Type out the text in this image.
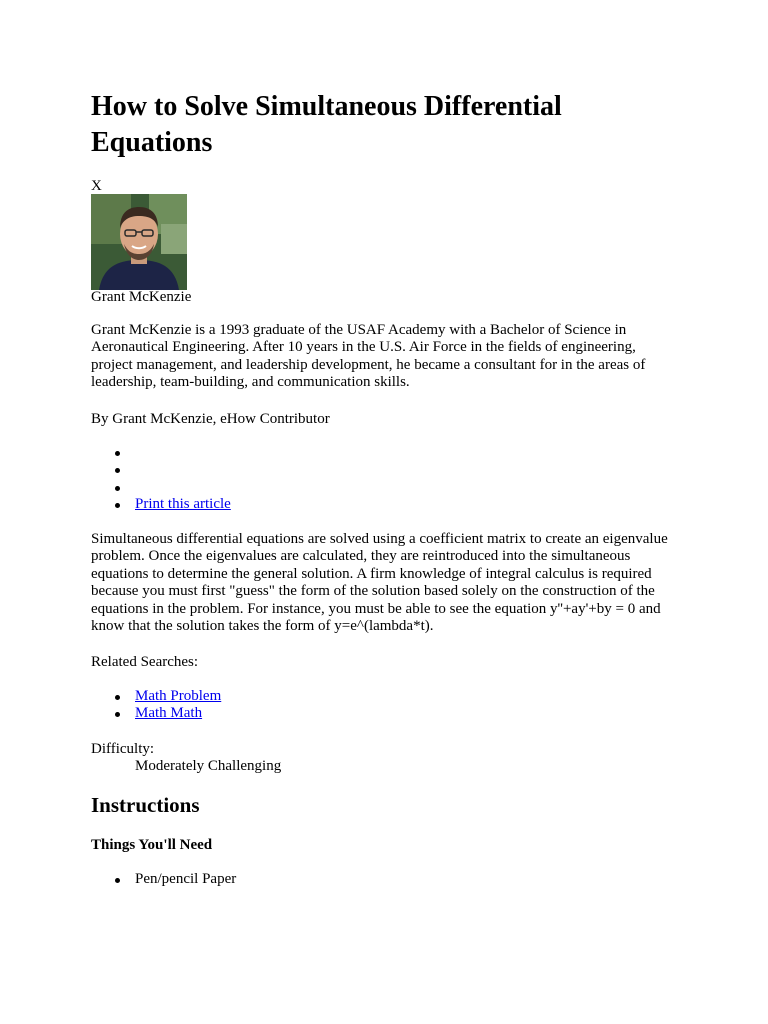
How to Solve Simultaneous Differential Equations
X
Grant McKenzie

Grant McKenzie is a 1993 graduate of the USAF Academy with a Bachelor of Science in Aeronautical Engineering. After 10 years in the U.S. Air Force in the fields of engineering, project management, and leadership development, he became a consultant for in the areas of leadership, team-building, and communication skills.

By Grant McKenzie, eHow Contributor

Print this article

Simultaneous differential equations are solved using a coefficient matrix to create an eigenvalue problem. Once the eigenvalues are calculated, they are reintroduced into the simultaneous equations to determine the general solution. A firm knowledge of integral calculus is required because you must first "guess" the form of the solution based solely on the construction of the equations in the problem. For instance, you must be able to see the equation y''+ay'+by = 0 and know that the solution takes the form of y=e^(lambda*t).

Related Searches:

Math Problem
Math Math
Difficulty:
Moderately Challenging
Instructions
Things You'll Need
Pen/pencil Paper
